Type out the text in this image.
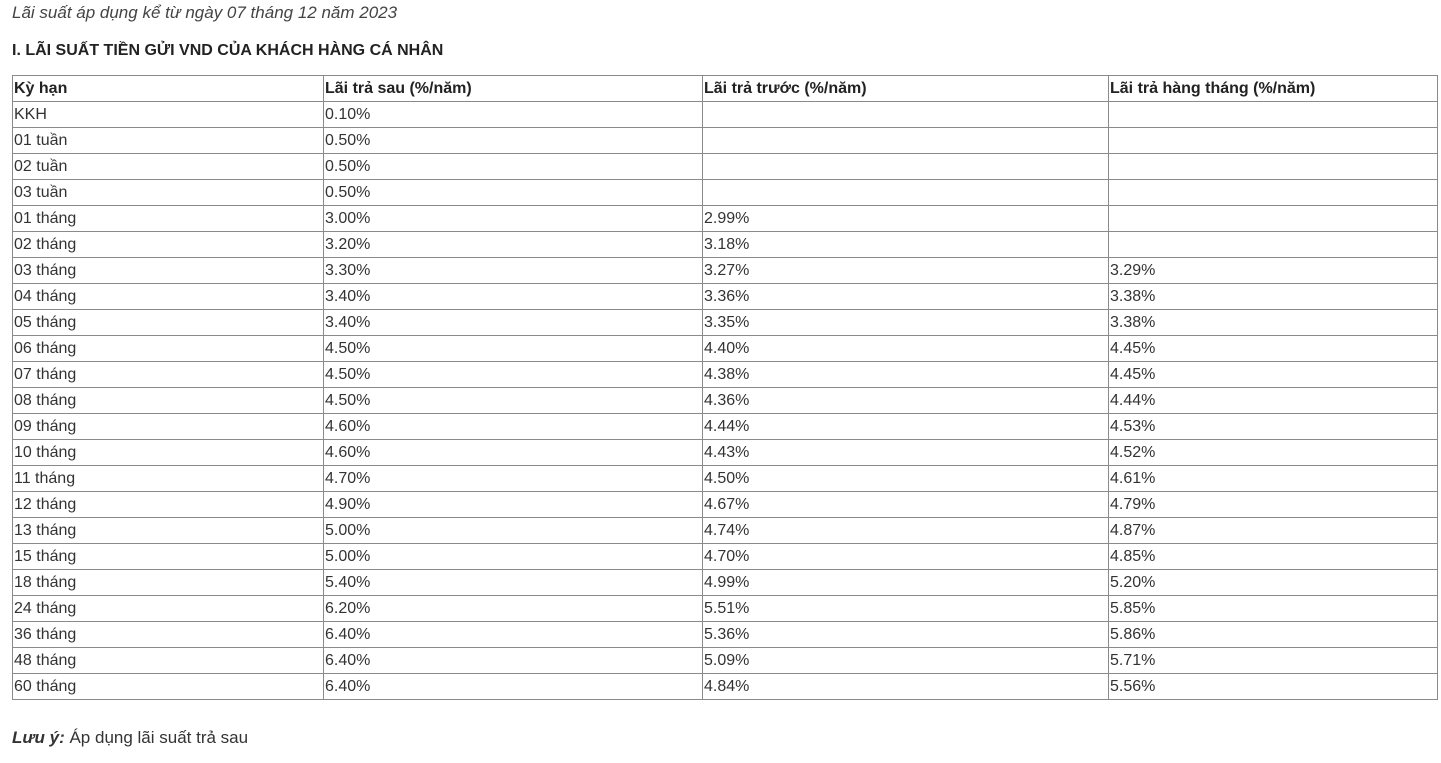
Lãi suất áp dụng kể từ ngày 07 tháng 12 năm 2023
I. LÃI SUẤT TIỀN GỬI VND CỦA KHÁCH HÀNG CÁ NHÂN
Kỳ hạn	Lãi trả sau (%/năm)	Lãi trả trước (%/năm)	Lãi trả hàng tháng (%/năm)
KKH	0.10%		
01 tuần	0.50%		
02 tuần	0.50%		
03 tuần	0.50%		
01 tháng	3.00%	2.99%	
02 tháng	3.20%	3.18%	
03 tháng	3.30%	3.27%	3.29%
04 tháng	3.40%	3.36%	3.38%
05 tháng	3.40%	3.35%	3.38%
06 tháng	4.50%	4.40%	4.45%
07 tháng	4.50%	4.38%	4.45%
08 tháng	4.50%	4.36%	4.44%
09 tháng	4.60%	4.44%	4.53%
10 tháng	4.60%	4.43%	4.52%
11 tháng	4.70%	4.50%	4.61%
12 tháng	4.90%	4.67%	4.79%
13 tháng	5.00%	4.74%	4.87%
15 tháng	5.00%	4.70%	4.85%
18 tháng	5.40%	4.99%	5.20%
24 tháng	6.20%	5.51%	5.85%
36 tháng	6.40%	5.36%	5.86%
48 tháng	6.40%	5.09%	5.71%
60 tháng	6.40%	4.84%	5.56%
Lưu ý: Áp dụng lãi suất trả sau
